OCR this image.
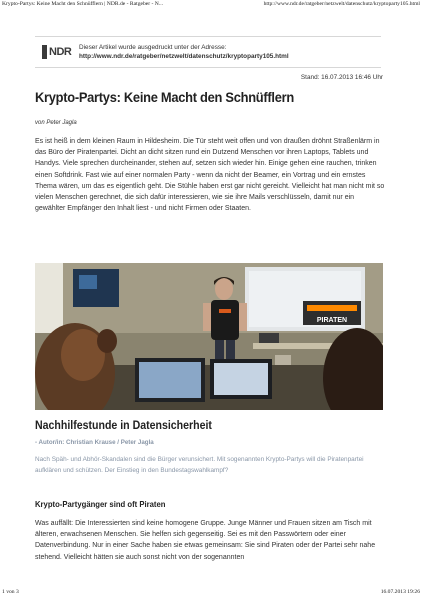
Krypto-Partys: Keine Macht den Schnüfflern | NDR.de - Ratgeber - N...	http://www.ndr.de/ratgeber/netzwelt/datenschutz/kryptoparty105.html
NDR Dieser Artikel wurde ausgedruckt unter der Adresse:
http://www.ndr.de/ratgeber/netzwelt/datenschutz/kryptoparty105.html
Stand: 16.07.2013 16:46 Uhr
Krypto-Partys: Keine Macht den Schnüfflern
von Peter Jagla
Es ist heiß in dem kleinen Raum in Hildesheim. Die Tür steht weit offen und von draußen dröhnt Straßenlärm in das Büro der Piratenpartei. Dicht an dicht sitzen rund ein Dutzend Menschen vor ihren Laptops, Tablets und Handys. Viele sprechen durcheinander, stehen auf, setzen sich wieder hin. Einige gehen eine rauchen, trinken einen Softdrink. Fast wie auf einer normalen Party - wenn da nicht der Beamer, ein Vortrag und ein ernstes Thema wären, um das es eigentlich geht. Die Stühle haben erst gar nicht gereicht. Vielleicht hat man nicht mit so vielen Menschen gerechnet, die sich dafür interessieren, wie sie ihre Mails verschlüsseln, damit nur ein gewählter Empfänger den Inhalt liest - und nicht Firmen oder Staaten.
PIRATEN
Nachhilfestunde in Datensicherheit
- Autor/in: Christian Krause / Peter Jagla
Nach Späh- und Abhör-Skandalen sind die Bürger verunsichert. Mit sogenannten Krypto-Partys will die Piratenpartei aufklären und schützen. Der Einstieg in den Bundestagswahlkampf?
Krypto-Partygänger sind oft Piraten
Was auffällt: Die Interessierten sind keine homogene Gruppe. Junge Männer und Frauen sitzen am Tisch mit älteren, erwachsenen Menschen. Sie helfen sich gegenseitig. Sei es mit den Passwörtern oder einer Datenverbindung. Nur in einer Sache haben sie etwas gemeinsam: Sie sind Piraten oder der Partei sehr nahe stehend. Vielleicht hätten sie auch sonst nicht von der sogenannten
1 von 3	16.07.2013 19:26
